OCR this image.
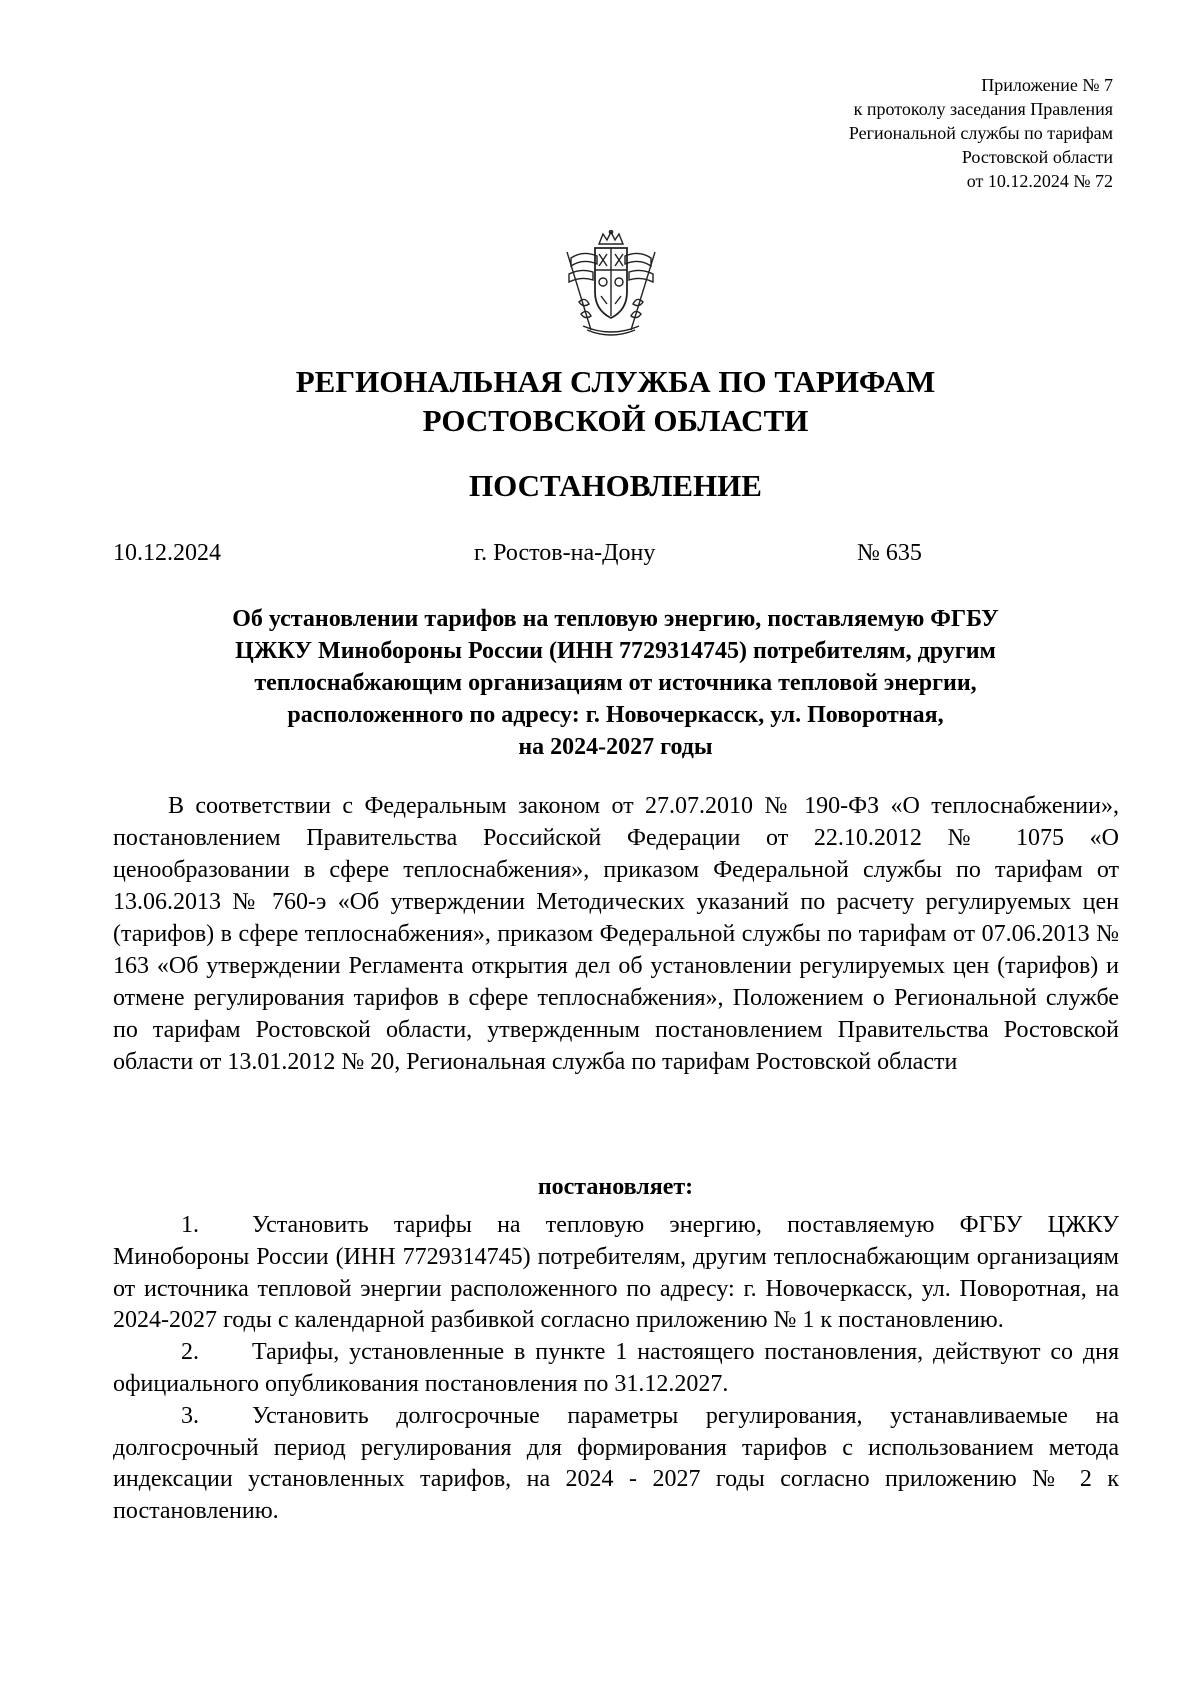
Приложение № 7
к протоколу заседания Правления
Региональной службы по тарифам
Ростовской области
от 10.12.2024 № 72
РЕГИОНАЛЬНАЯ СЛУЖБА ПО ТАРИФАМ
РОСТОВСКОЙ ОБЛАСТИ
ПОСТАНОВЛЕНИЕ
10.12.2024	г. Ростов-на-Дону	№ 635
Об установлении тарифов на тепловую энергию, поставляемую ФГБУ
ЦЖКУ Минобороны России (ИНН 7729314745) потребителям, другим
теплоснабжающим организациям от источника тепловой энергии,
расположенного по адресу: г. Новочеркасск, ул. Поворотная,
на 2024-2027 годы

В соответствии с Федеральным законом от 27.07.2010 № 190-ФЗ «О теплоснабжении», постановлением Правительства Российской Федерации от 22.10.2012 № 1075 «О ценообразовании в сфере теплоснабжения», приказом Федеральной службы по тарифам от 13.06.2013 № 760-э «Об утверждении Методических указаний по расчету регулируемых цен (тарифов) в сфере теплоснабжения», приказом Федеральной службы по тарифам от 07.06.2013 № 163 «Об утверждении Регламента открытия дел об установлении регулируемых цен (тарифов) и отмене регулирования тарифов в сфере теплоснабжения», Положением о Региональной службе по тарифам Ростовской области, утвержденным постановлением Правительства Ростовской области от 13.01.2012 № 20, Региональная служба по тарифам Ростовской области

постановляет:

1. Установить тарифы на тепловую энергию, поставляемую ФГБУ ЦЖКУ Минобороны России (ИНН 7729314745) потребителям, другим теплоснабжающим организациям от источника тепловой энергии расположенного по адресу: г. Новочеркасск, ул. Поворотная, на 2024-2027 годы с календарной разбивкой согласно приложению № 1 к постановлению.

2. Тарифы, установленные в пункте 1 настоящего постановления, действуют со дня официального опубликования постановления по 31.12.2027.

3. Установить долгосрочные параметры регулирования, устанавливаемые на долгосрочный период регулирования для формирования тарифов с использованием метода индексации установленных тарифов, на 2024 - 2027 годы согласно приложению № 2 к постановлению.
